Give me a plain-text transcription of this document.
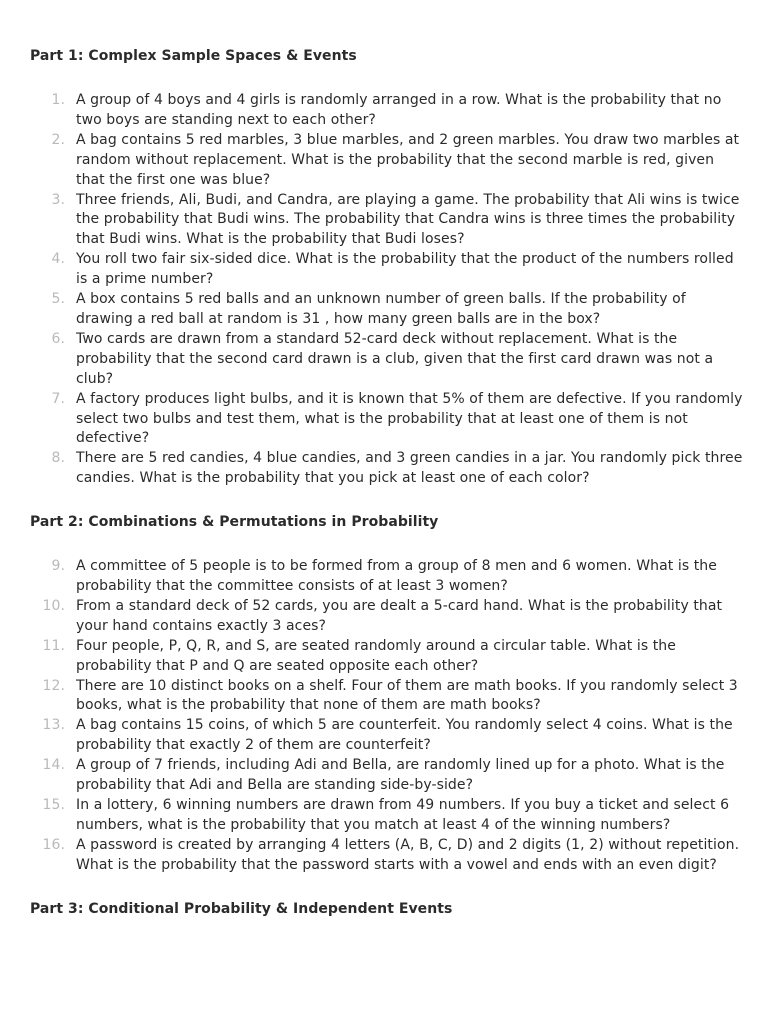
Part 1: Complex Sample Spaces & Events
1. A group of 4 boys and 4 girls is randomly arranged in a row. What is the probability that no two boys are standing next to each other?
2. A bag contains 5 red marbles, 3 blue marbles, and 2 green marbles. You draw two marbles at random without replacement. What is the probability that the second marble is red, given that the first one was blue?
3. Three friends, Ali, Budi, and Candra, are playing a game. The probability that Ali wins is twice the probability that Budi wins. The probability that Candra wins is three times the probability that Budi wins. What is the probability that Budi loses?
4. You roll two fair six-sided dice. What is the probability that the product of the numbers rolled is a prime number?
5. A box contains 5 red balls and an unknown number of green balls. If the probability of drawing a red ball at random is 31 , how many green balls are in the box?
6. Two cards are drawn from a standard 52-card deck without replacement. What is the probability that the second card drawn is a club, given that the first card drawn was not a club?
7. A factory produces light bulbs, and it is known that 5% of them are defective. If you randomly select two bulbs and test them, what is the probability that at least one of them is not defective?
8. There are 5 red candies, 4 blue candies, and 3 green candies in a jar. You randomly pick three candies. What is the probability that you pick at least one of each color?
Part 2: Combinations & Permutations in Probability
9. A committee of 5 people is to be formed from a group of 8 men and 6 women. What is the probability that the committee consists of at least 3 women?
10. From a standard deck of 52 cards, you are dealt a 5-card hand. What is the probability that your hand contains exactly 3 aces?
11. Four people, P, Q, R, and S, are seated randomly around a circular table. What is the probability that P and Q are seated opposite each other?
12. There are 10 distinct books on a shelf. Four of them are math books. If you randomly select 3 books, what is the probability that none of them are math books?
13. A bag contains 15 coins, of which 5 are counterfeit. You randomly select 4 coins. What is the probability that exactly 2 of them are counterfeit?
14. A group of 7 friends, including Adi and Bella, are randomly lined up for a photo. What is the probability that Adi and Bella are standing side-by-side?
15. In a lottery, 6 winning numbers are drawn from 49 numbers. If you buy a ticket and select 6 numbers, what is the probability that you match at least 4 of the winning numbers?
16. A password is created by arranging 4 letters (A, B, C, D) and 2 digits (1, 2) without repetition. What is the probability that the password starts with a vowel and ends with an even digit?
Part 3: Conditional Probability & Independent Events
